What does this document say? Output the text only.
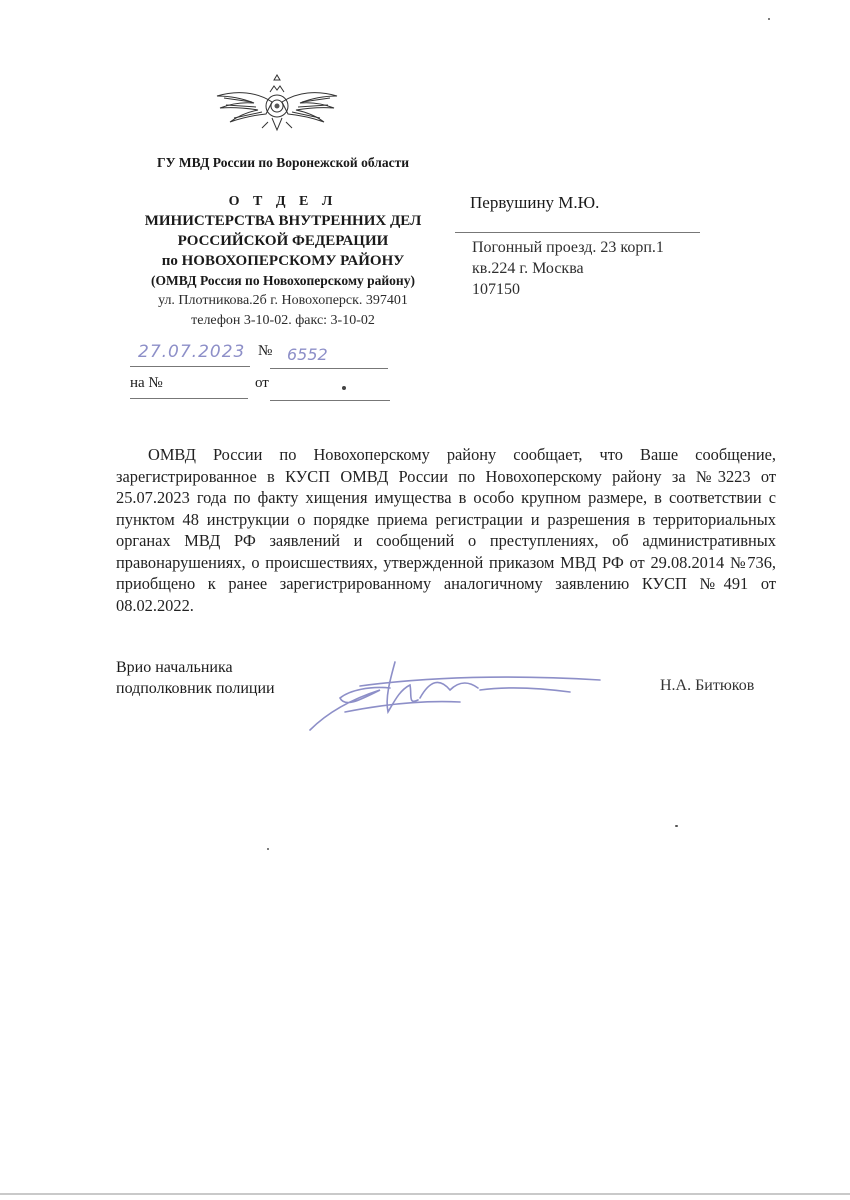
ГУ МВД России по Воронежской области
О Т Д Е Л
МИНИСТЕРСТВА ВНУТРЕННИХ ДЕЛ
РОССИЙСКОЙ ФЕДЕРАЦИИ
по НОВОХОПЕРСКОМУ РАЙОНУ
(ОМВД Россия по Новохоперскому району)
ул. Плотникова.2б г. Новохоперск. 397401
телефон 3-10-02. факс: 3-10-02
27.07.2023 № 6552
на №	от
Первушину М.Ю.
Погонный проезд. 23 корп.1
кв.224 г. Москва
107150

ОМВД России по Новохоперскому району сообщает, что Ваше сообщение, зарегистрированное в КУСП ОМВД России по Новохоперскому району за №3223 от 25.07.2023 года по факту хищения имущества в особо крупном размере, в соответствии с пунктом 48 инструкции о порядке приема регистрации и разрешения в территориальных органах МВД РФ заявлений и сообщений о преступлениях, об административных правонарушениях, о происшествиях, утвержденной приказом МВД РФ от 29.08.2014 №736, приобщено к ранее зарегистрированному аналогичному заявлению КУСП №491 от 08.02.2022.

Врио начальника
подполковник полиции	Н.А. Битюков
